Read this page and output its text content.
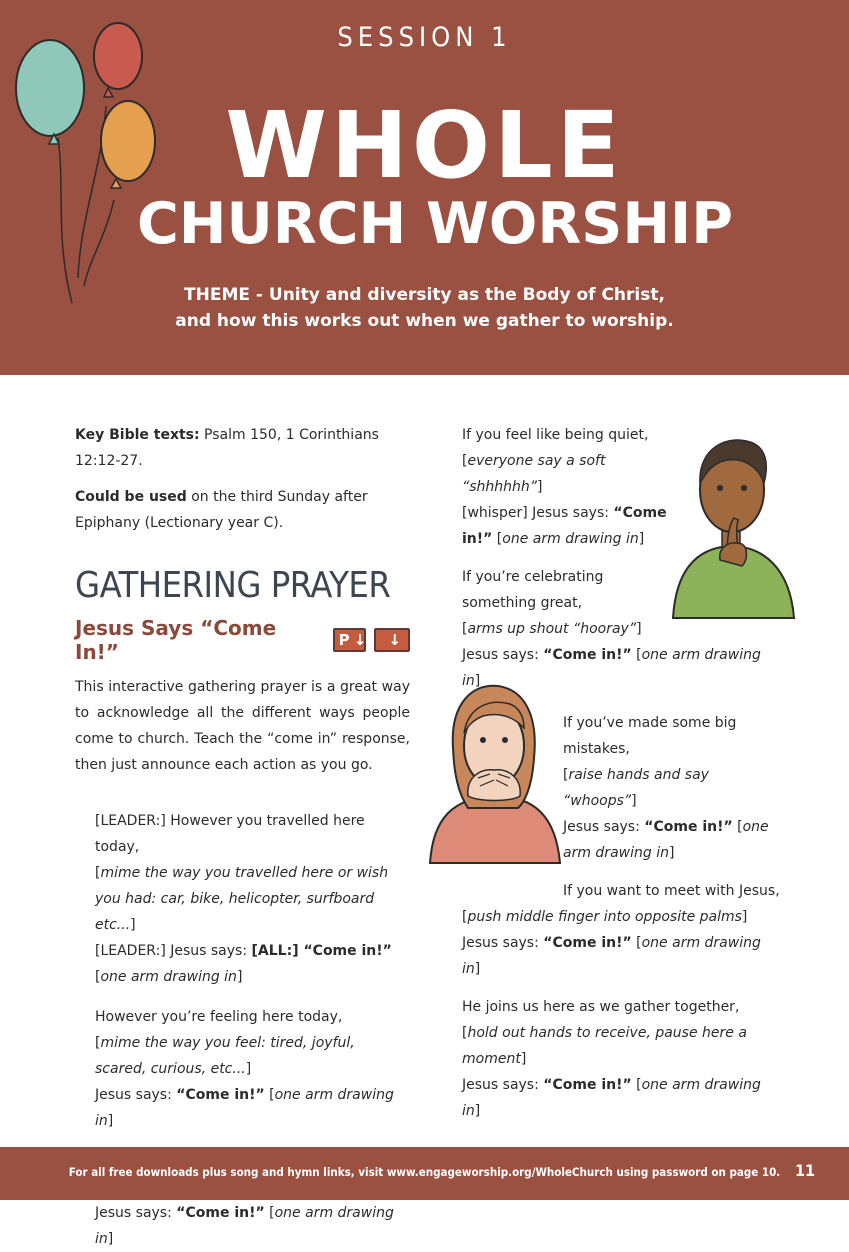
SESSION 1
WHOLE
CHURCH WORSHIP
THEME - Unity and diversity as the Body of Christ,
and how this works out when we gather to worship.

Key Bible texts: Psalm 150, 1 Corinthians 12:12-27.

Could be used on the third Sunday after Epiphany (Lectionary year C).

GATHERING PRAYER
Jesus Says “Come In!”	P ↓ ↓

This interactive gathering prayer is a great way to acknowledge all the different ways people come to church. Teach the “come in” response, then just announce each action as you go.

[LEADER:] However you travelled here today,
[mime the way you travelled here or wish you had: car, bike, helicopter, surfboard etc...]
[LEADER:] Jesus says: [ALL:] “Come in!”
[one arm drawing in]
However you’re feeling here today,
[mime the way you feel: tired, joyful, scared, curious, etc...]
Jesus says: “Come in!” [one arm drawing in]
Jesus says: “Come in!” [one arm drawing in]
If you feel like being quiet,
[everyone say a soft “shhhhhh”]
[whisper] Jesus says: “Come in!” [one arm drawing in]
If you’re celebrating
something great,
[arms up shout “hooray”]
Jesus says: “Come in!” [one arm drawing in]
If you’ve made some big
mistakes,
[raise hands and say “whoops”]
Jesus says: “Come in!” [one arm drawing in]
If you want to meet with Jesus,
[push middle finger into opposite palms]
Jesus says: “Come in!” [one arm drawing in]
He joins us here as we gather together,
[hold out hands to receive, pause here a moment]
Jesus says: “Come in!” [one arm drawing in]
For all free downloads plus song and hymn links, visit www.engageworship.org/WholeChurch using password on page 10. 11
